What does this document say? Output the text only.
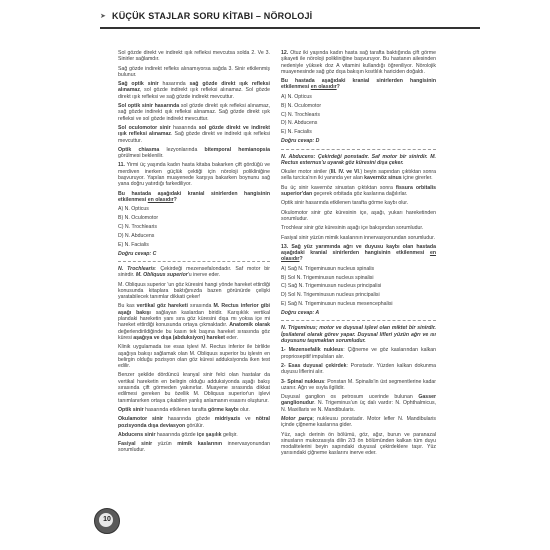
➤ KÜÇÜK STAJLAR SORU KİTABI – NÖROLOJİ

Sol gözde direkt ve indirekt ışık refleksi mevcutsa solda 2. Ve 3. Sinirler sağlamdır.

Sağ gözde indirekt refleks alınamıyorsa sağda 3. Sinir etkilenmiş bulunur.

Sağ optik sinir hasarında sağ gözde direkt ışık refleksi alınamaz, sol gözde indirekt ışık refleksi alınamaz. Sol gözde direkt ışık refleksi ve sağ gözde indirekt mevcuttur.

Sol optik sinir hasarında sol gözde direkt ışık refleksi alınamaz, sağ gözde indirekt ışık refleksi alınamaz. Sağ gözde direkt ışık refleksi ve sol gözde indirekt mevcuttur.

Sol oculomotor sinir hasarında sol gözde direkt ve indirekt ışık refleksi alınamaz. Sağ gözde direkt ve indirekt ışık refleksi mevcuttur.

Optik chiasma lezyonlarında bitemporal hemianopsia görülmesi beklenilir.

11. Yirmi üç yaşında kadın hasta kitaba bakarken çift gördüğü ve merdiven inerken güçlük çektiği için nöroloji polikliniğine başvuruyor. Yapılan muayenede karşıya bakarken boynunu sağ yana doğru yatırdığı farkediliyor.

Bu hastada aşağıdaki kranial sinirlerden hangisinin etkilenmesi en olasıdır?

A) N. Opticus
B) N. Oculomotor
C) N. Trochlearis
D) N. Abducens
E) N. Facialis
Doğru cevap: C

N. Trochlearis: Çekirdeği mezensefalondadır. Saf motor bir sinirdir. M. Obliquus superior'u inerve eder.

M. Obliquus superior 'un göz küresini hangi yönde hareket ettirdiği konusunda kitaplara baktığınızda bazen görünürde çelişki yaratabilecek tanımlar dikkati çeker!

Bu kas vertikal göz hareketi sırasında M. Rectus inferior gibi aşağı bakışı sağlayan kaslardan biridir. Karışıklık vertikal plandaki hareketin yanı sıra göz küresini dışa mı yoksa içe mi hareket ettirdiği konusunda ortaya çıkmaktadır. Anatomik olarak değerlendirildiğinde bu kasın tek başına hareket sırasında göz küresi aşağıya ve dışa (abduksiyon) hareket eder.

Klinik uygulamada ise esas işlevi M. Rectus inferior ile birlikte aşağıya bakışı sağlamak olan M. Obliquus superior bu işlevin en belirgin olduğu pozisyon olan göz küresi adduksiyonda iken test edilir.

Benzer şekilde dördüncü kranyal sinir felci olan hastalar da vertikal hareketin en belirgin olduğu adduksiyonda aşağı bakış sırasında çift görmeden yakınırlar. Muayene sırasında dikkat edilmesi gereken bu özellik M. Obliquus superior'un işlevi tanımlanırken ortaya çıkabilen yanlış anlamanın esasını oluşturur.

Optik sinir hasarında etkilenen tarafta görme kaybı olur.

Okulamotor sinir hasarında gözde midriyazis ve nötral pozisyonda dışa deviasyon görülür.

Abducens sinir hasarında gözde içe şaşılık gelişir.

Fasiyal sinir yüzün mimik kaslarının innervasyonundan sorumludur.

12. Otuz iki yaşında kadın hasta sağ tarafta baktığında çift görme şikayeti ile nöroloji polikliniğine başvuruyor. Bu hastanın ailesinden nedeniyle yüksek doz A vitamini kullandığı öğreniliyor. Nörolojik muayenesinde sağ göz dışa bakışın kısıtlılık hariciden doğaldı.

Bu hastada aşağıdaki kranial sinirlerden hangisinin etkilenmesi en olasıdır?

A) N. Opticus
B) N. Oculomotor
C) N. Trochlearis
D) N. Abducens
E) N. Facialis
Doğru cevap: D

N. Abducens: Çekirdeği ponstadır. Saf motor bir sinirdir. M. Rectus externus'u uyarak göz küresini dışa çeker.

Okuler motor siniler (III. IV. ve VI.) beyin sapından çıktıktan sonra sella turcica'nın iki yanında yer alan kavernöz sinus içine girerler.

Bu üç sinir kavernöz sinustan çıktıktan sonra fissura orbitalis superior'dan geçerek orbitada göz kaslarına dağılırlar.

Optik sinir hasarında etkilenen tarafta görme kaybı olur.

Okulomotor sinir göz küresinin içe, aşağı, yukarı hareketinden sorumludur.

Trochlear sinir göz küresinin aşağı içe bakışından sorumludur.

Fasiyal sinir yüzün mimik kaslarının innervasyonundan sorumludur.

13. Sağ yüz yarımında ağrı ve duyusu kaybı olan hastada aşağıdaki kranial sinirlerden hangisinin etkilenmesi en olasıdır?

A) Sağ N. Trigeminusun nucleus spinalis
B) Sol N. Trigeminusun nucleus spinalisi
C) Sağ N. Trigeminusun nucleus principalisi
D) Sol N. Trigeminusun nucleus principalisi
E) Sağ N. Trigeminusun nucleus mesencephalisi
Doğru cevap: A

N. Trigeminus; motor ve duyusal işlevi olan miktet bir sinirdir. İpsilateral olarak görev yapar. Duyusal lifleri yüzün ağrı ve ısı duyusunu taşımaktan sorumludur.

1- Mezensefalik nukleus: Çiğneme ve göz kaslarından kalkan propriosepitif impulsları alır.

2- Esas duyusal çekirdek: Ponstadır. Yüzden kalkan dokunma duyusu liflerini alır.

3- Spinal nukleus: Ponstan M. Spinalis'in üst segmentlerine kadar uzanır. Ağrı ve ısıyla ilgilidir.

Duyusal ganglion os petrosum ucerinde bulunan Gasser ganglionudur. N. Trigeminus'un üç dalı vardır: N. Ophthalmicus, N. Maxillaris ve N. Mandibularis.

Motor parça; nukleusu ponstadır. Motor lefler N. Mandibularis içinde çiğneme kaslarına gider.

Yüz, saçlı derinin ön bölümü, göz, ağız, burun ve paranazal sinusların mukozasıyla dilin 2/3 ön bölümünden kalkan tüm duyu modalitelerini beyin sapındaki duyusal çekirdeklere taşır. Yüz yarısındaki çiğneme kaslarını inerve eder.

10
